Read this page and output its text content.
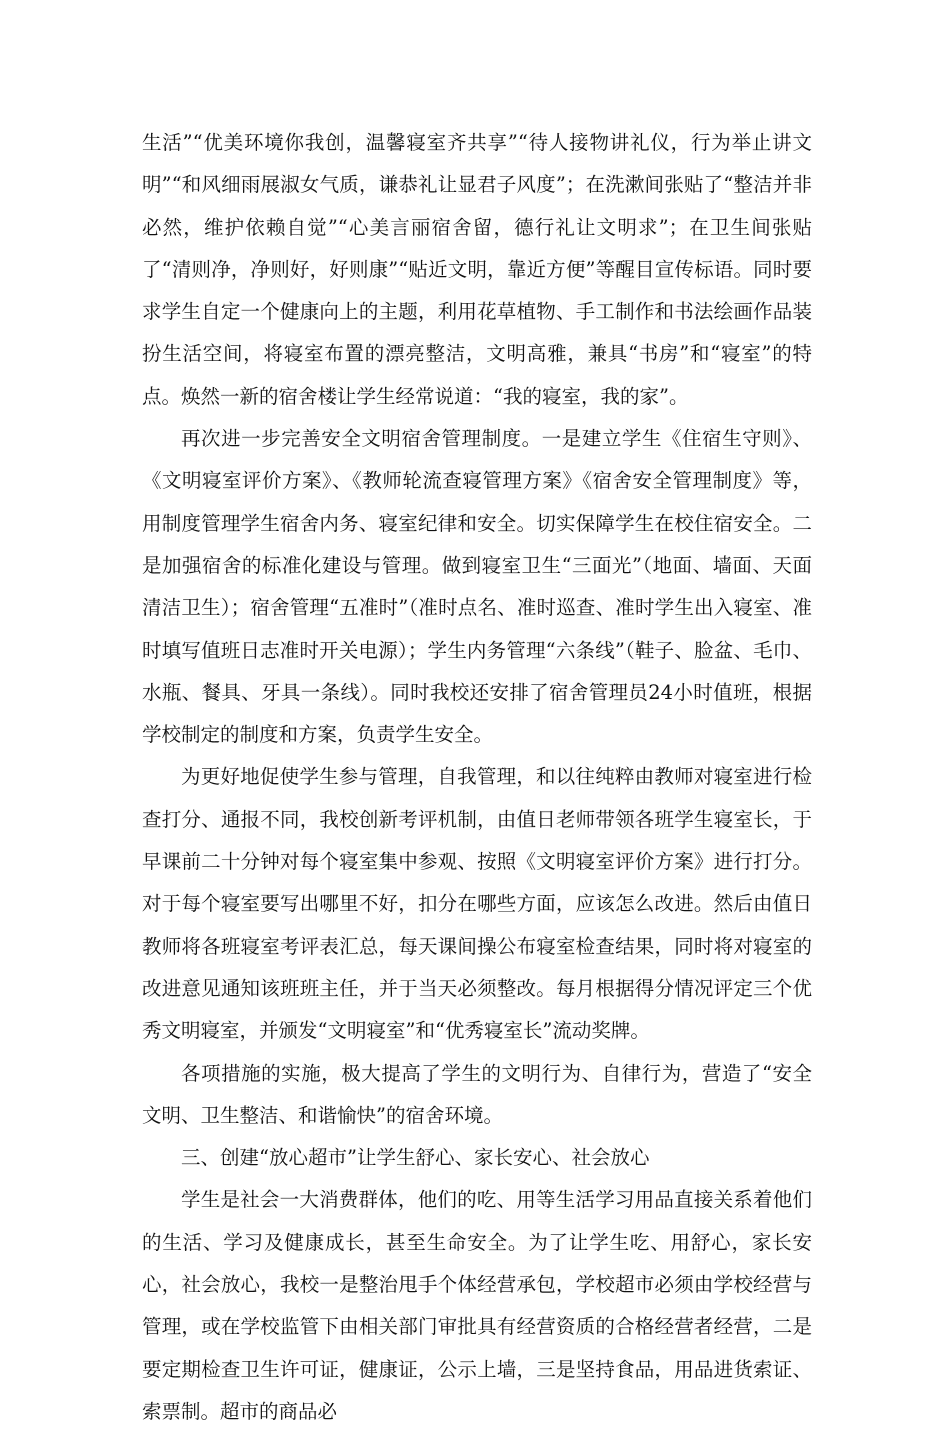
生活”“优美环境你我创，温馨寝室齐共享”“待人接物讲礼仪，行为举止讲文明”“和风细雨展淑女气质，谦恭礼让显君子风度”；在洗漱间张贴了“整洁并非必然，维护依赖自觉”“心美言丽宿舍留，德行礼让文明求”；在卫生间张贴了“清则净，净则好，好则康”“贴近文明，靠近方便”等醒目宣传标语。同时要求学生自定一个健康向上的主题，利用花草植物、手工制作和书法绘画作品装扮生活空间，将寝室布置的漂亮整洁，文明高雅，兼具“书房”和“寝室”的特点。焕然一新的宿舍楼让学生经常说道：“我的寝室，我的家”。

再次进一步完善安全文明宿舍管理制度。一是建立学生《住宿生守则》、《文明寝室评价方案》、《教师轮流查寝管理方案》《宿舍安全管理制度》等，用制度管理学生宿舍内务、寝室纪律和安全。切实保障学生在校住宿安全。二是加强宿舍的标准化建设与管理。做到寝室卫生“三面光”（地面、墙面、天面清洁卫生）；宿舍管理“五准时”（准时点名、准时巡查、准时学生出入寝室、准时填写值班日志准时开关电源）；学生内务管理“六条线”（鞋子、脸盆、毛巾、水瓶、餐具、牙具一条线）。同时我校还安排了宿舍管理员24小时值班，根据学校制定的制度和方案，负责学生安全。

为更好地促使学生参与管理，自我管理，和以往纯粹由教师对寝室进行检查打分、通报不同，我校创新考评机制，由值日老师带领各班学生寝室长，于早课前二十分钟对每个寝室集中参观、按照《文明寝室评价方案》进行打分。对于每个寝室要写出哪里不好，扣分在哪些方面，应该怎么改进。然后由值日教师将各班寝室考评表汇总，每天课间操公布寝室检查结果，同时将对寝室的改进意见通知该班班主任，并于当天必须整改。每月根据得分情况评定三个优秀文明寝室，并颁发“文明寝室”和“优秀寝室长”流动奖牌。

各项措施的实施，极大提高了学生的文明行为、自律行为，营造了“安全文明、卫生整洁、和谐愉快”的宿舍环境。

三、创建“放心超市”让学生舒心、家长安心、社会放心

学生是社会一大消费群体，他们的吃、用等生活学习用品直接关系着他们的生活、学习及健康成长，甚至生命安全。为了让学生吃、用舒心，家长安心，社会放心，我校一是整治甩手个体经营承包，学校超市必须由学校经营与管理，或在学校监管下由相关部门审批具有经营资质的合格经营者经营，二是要定期检查卫生许可证，健康证，公示上墙，三是坚持食品，用品进货索证、索票制。超市的商品必
